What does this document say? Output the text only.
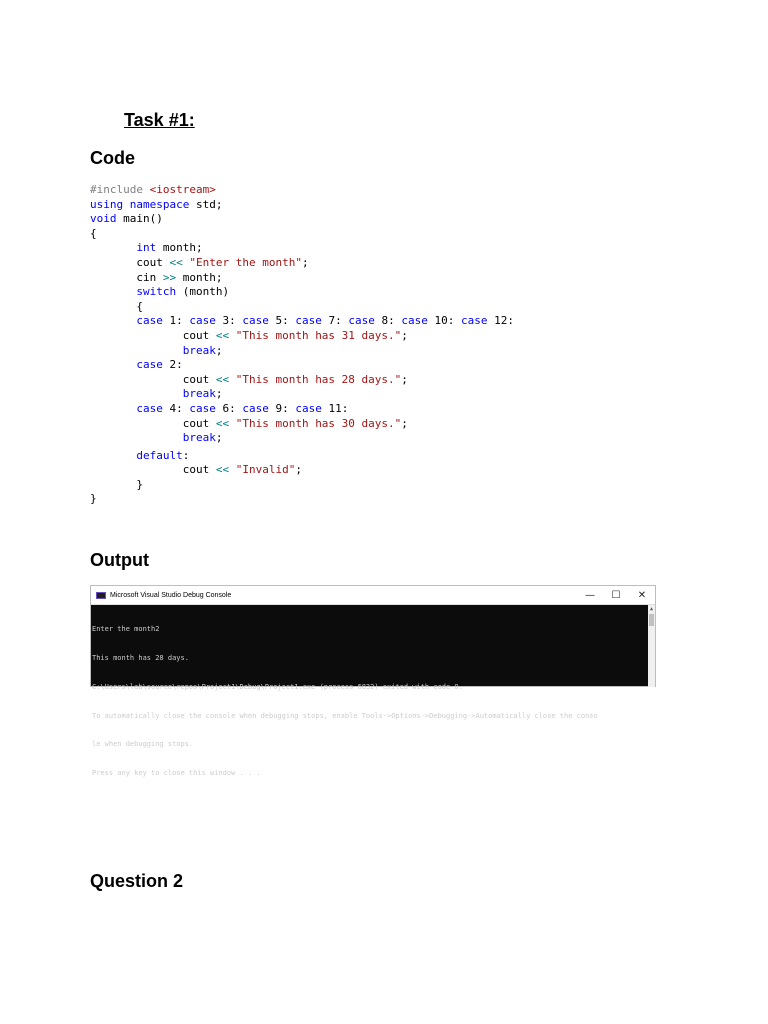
Task #1:
Code
#include <iostream>
using namespace std;
void main()
{
int month;
cout << "Enter the month";
cin >> month;
switch (month)
{
case 1: case 3: case 5: case 7: case 8: case 10: case 12:
cout << "This month has 31 days.";
break;
case 2:
cout << "This month has 28 days.";
break;
case 4: case 6: case 9: case 11:
cout << "This month has 30 days.";
break;
default:
cout << "Invalid";
}
}
Output
Microsoft Visual Studio Debug Console	—	☐	✕

Enter the month2

This month has 28 days.

C:\Users\lab\source\repos\Project1\Debug\Project1.exe (process 6832) exited with code 0.

To automatically close the console when debugging stops, enable Tools->Options->Debugging->Automatically close the conso

le when debugging stops.

Press any key to close this window . . .

▲

Question 2
